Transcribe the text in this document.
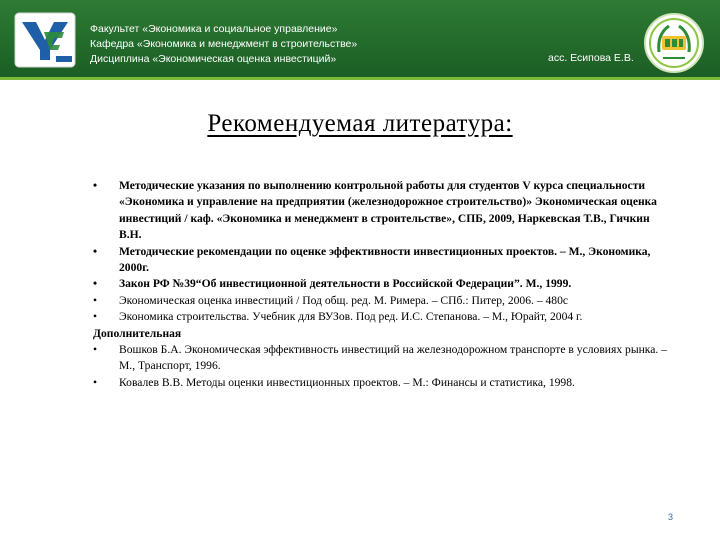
Факультет «Экономика и социальное управление»
Кафедра «Экономика и менеджмент в строительстве»
Дисциплина «Экономическая оценка инвестиций»	асс. Есипова Е.В.
Рекомендуемая литература:
• Методические указания по выполнению контрольной работы для студентов V курса специальности «Экономика и управление на предприятии (железнодорожное строительство)» Экономическая оценка инвестиций / каф. «Экономика и менеджмент в строительстве», СПБ, 2009, Наркевская Т.В., Гичкин В.Н.
• Методические рекомендации по оценке эффективности инвестиционных проектов. – М., Экономика, 2000г.
• Закон РФ №39“Об инвестиционной деятельности в Российской Федерации”. М., 1999.
• Экономическая оценка инвестиций / Под общ. ред. М. Римера. – СПб.: Питер, 2006. – 480с
• Экономика строительства. Учебник для ВУЗов. Под ред. И.С. Степанова. – М., Юрайт, 2004 г.
Дополнительная
• Вошков Б.А. Экономическая эффективность инвестиций на железнодорожном транспорте в условиях рынка. – М., Транспорт, 1996.
• Ковалев В.В. Методы оценки инвестиционных проектов. – М.: Финансы и статистика, 1998.
3
